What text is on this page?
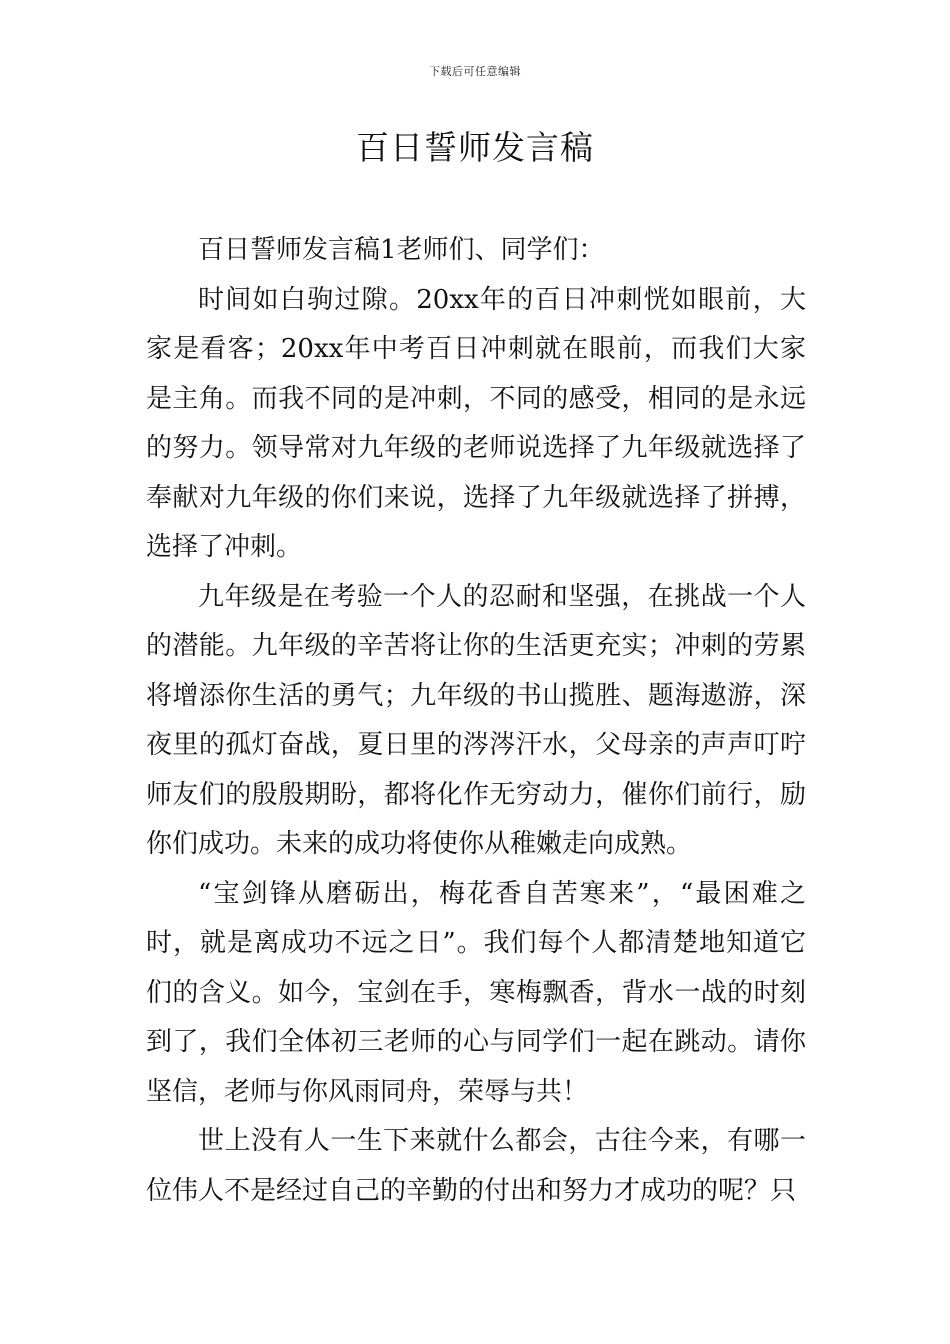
下载后可任意编辑
百日誓师发言稿

百日誓师发言稿1老师们、同学们：

时间如白驹过隙。20xx年的百日冲刺恍如眼前，大家是看客；20xx年中考百日冲刺就在眼前，而我们大家是主角。而我不同的是冲刺，不同的感受，相同的是永远的努力。领导常对九年级的老师说选择了九年级就选择了奉献对九年级的你们来说，选择了九年级就选择了拼搏，选择了冲刺。

九年级是在考验一个人的忍耐和坚强，在挑战一个人的潜能。九年级的辛苦将让你的生活更充实；冲刺的劳累将增添你生活的勇气；九年级的书山揽胜、题海遨游，深夜里的孤灯奋战，夏日里的涔涔汗水，父母亲的声声叮咛师友们的殷殷期盼，都将化作无穷动力，催你们前行，励你们成功。未来的成功将使你从稚嫩走向成熟。

“宝剑锋从磨砺出，梅花香自苦寒来”，“最困难之时，就是离成功不远之日”。我们每个人都清楚地知道它们的含义。如今，宝剑在手，寒梅飘香，背水一战的时刻到了，我们全体初三老师的心与同学们一起在跳动。请你坚信，老师与你风雨同舟，荣辱与共！

世上没有人一生下来就什么都会，古往今来，有哪一位伟人不是经过自己的辛勤的付出和努力才成功的呢？只
